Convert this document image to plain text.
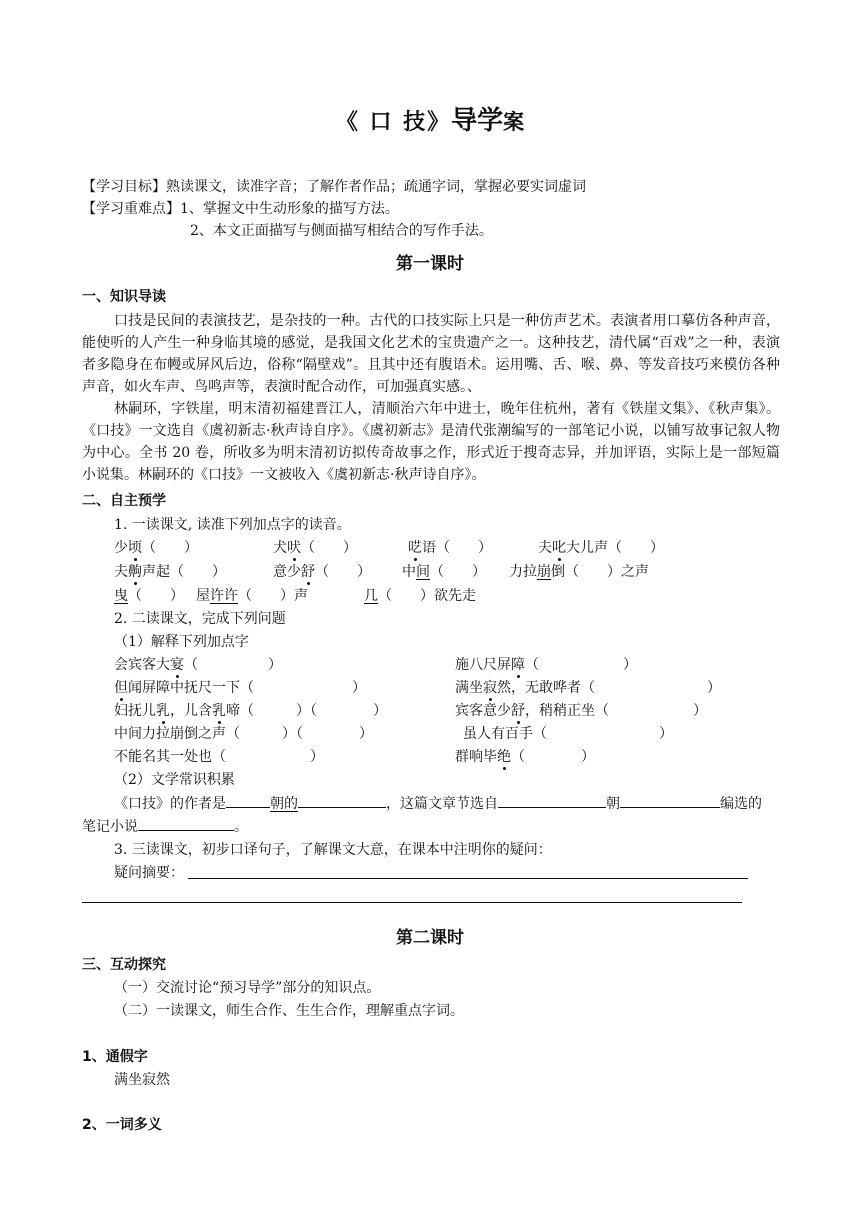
《 口 技》导学案
【学习目标】熟读课文，读准字音；了解作者作品；疏通字词，掌握必要实词虚词
【学习重难点】1、掌握文中生动形象的描写方法。
2、本文正面描写与侧面描写相结合的写作手法。
第一课时
一、知识导读
口技是民间的表演技艺，是杂技的一种。古代的口技实际上只是一种仿声艺术。表演者用口摹仿各种声音，能使听的人产生一种身临其境的感觉，是我国文化艺术的宝贵遗产之一。这种技艺，清代属“百戏”之一种，表演者多隐身在布幔或屏风后边，俗称“隔壁戏”。且其中还有腹语术。运用嘴、舌、喉、鼻、等发音技巧来模仿各种声音，如火车声、鸟鸣声等，表演时配合动作，可加强真实感。、
林嗣环，字铁崖，明末清初福建晋江人，清顺治六年中进士，晚年住杭州，著有《铁崖文集》、《秋声集》。《口技》一文选自《虞初新志·秋声诗自序》。《虞初新志》是清代张潮编写的一部笔记小说，以铺写故事记叙人物为中心。全书 20 卷，所收多为明末清初访拟传奇故事之作，形式近于搜奇志异，并加评语，实际上是一部短篇小说集。林嗣环的《口技》一文被收入《虞初新志·秋声诗自序》。
二、自主预学
1. 一读课文, 读准下列加点字的读音。
少顷（　　）	犬吠（　　）	呓语（　　）	夫叱大儿声（　　）
夫齁声起（　　）	意少舒（　　） 中间（　　） 力拉崩倒（　　）之声
曳（　　） 屋许许（　　）声	几（　　）欲先走
2. 二读课文，完成下列问题
（1）解释下列加点字
会宾客大宴（　　　　　）	施八尺屏障（　　　　　　）
但闻屏障中抚尺一下（　　　　　　　）	满坐寂然，无敢哗者（　　　　　　　　）
妇抚儿乳，儿含乳啼（　　　）（　　　　）	宾客意少舒，稍稍正坐（　　　　　　）
中间力拉崩倒之声（　　　）（　　　　）	虽人有百手（　　　　　　　　）
不能名其一处也（　　　　　　）	群响毕绝（　　　　）
（2）文学常识积累
《口技》的作者是	朝的	，这篇文章节选自	朝	编选的
笔记小说	。
3. 三读课文，初步口译句子，了解课文大意，在课本中注明你的疑问：
疑问摘要：
第二课时
三、互动探究
（一）交流讨论“预习导学”部分的知识点。
（二）一读课文，师生合作、生生合作，理解重点字词。
1、通假字
满坐寂然
2、一词多义
